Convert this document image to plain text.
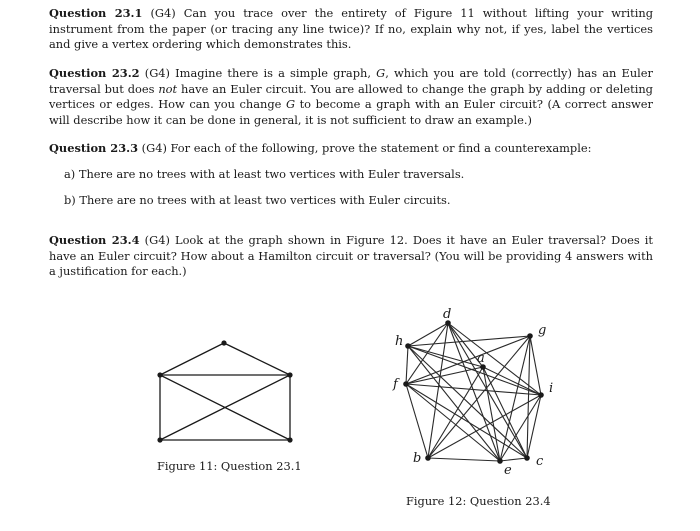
Question 23.1 (G4) Can you trace over the entirety of Figure 11 without lifting your writing instrument from the paper (or tracing any line twice)? If no, explain why not, if yes, label the vertices and give a vertex ordering which demonstrates this.
Question 23.2 (G4) Imagine there is a simple graph, G, which you are told (correctly) has an Euler traversal but does not have an Euler circuit. You are allowed to change the graph by adding or deleting vertices or edges. How can you change G to become a graph with an Euler circuit? (A correct answer will describe how it can be done in general, it is not sufficient to draw an example.)
Question 23.3 (G4) For each of the following, prove the statement or find a counterexample:
a) There are no trees with at least two vertices with Euler traversals.
b) There are no trees with at least two vertices with Euler circuits.
Question 23.4 (G4) Look at the graph shown in Figure 12. Does it have an Euler traversal? Does it have an Euler circuit? How about a Hamilton circuit or traversal? (You will be providing 4 answers with a justification for each.)
Figure 11: Question 23.1
d
g
h
a
f	i
b
e
c
Figure 12: Question 23.4
